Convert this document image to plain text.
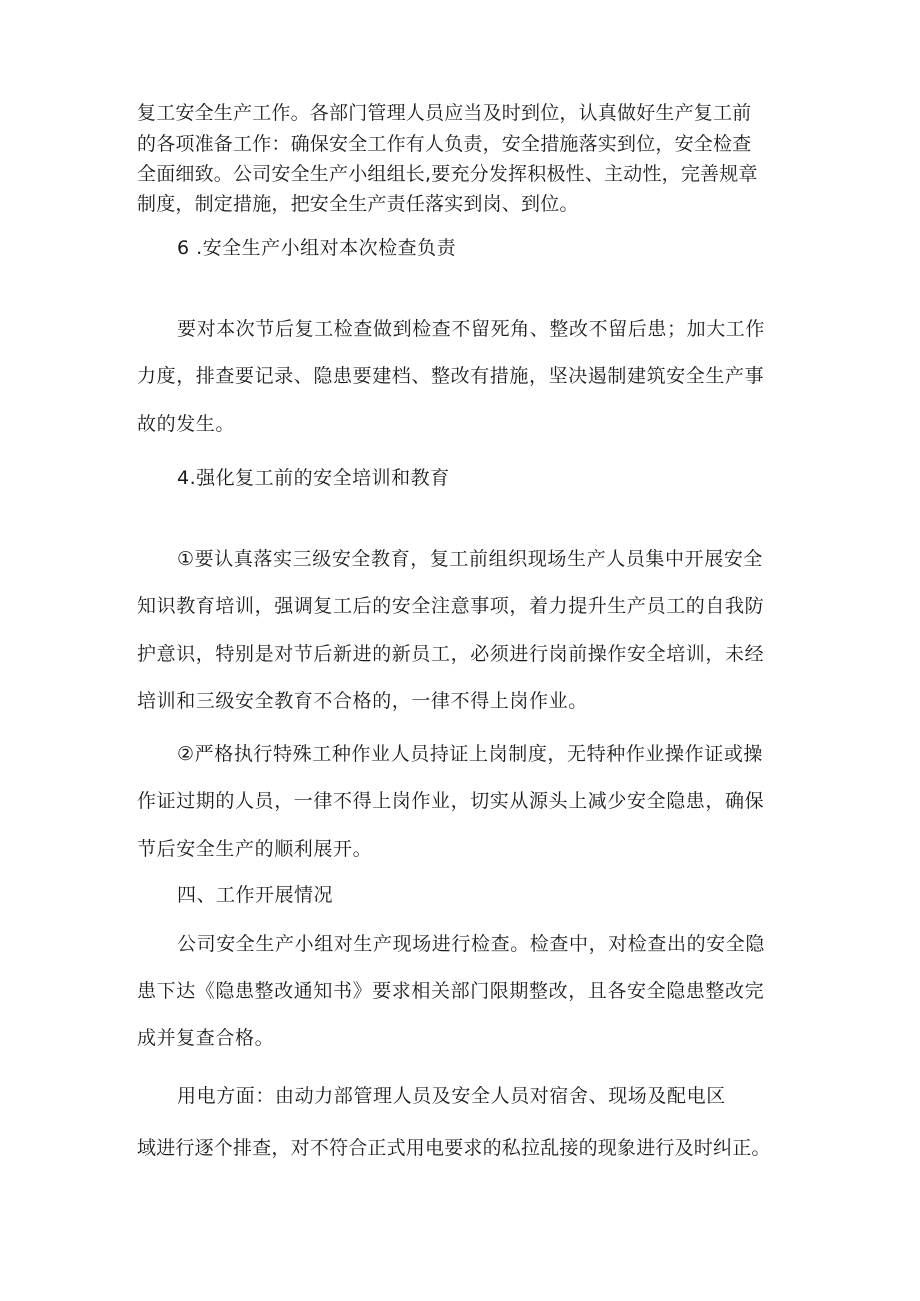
复工安全生产工作。各部门管理人员应当及时到位，认真做好生产复工前
的各项准备工作：确保安全工作有人负责，安全措施落实到位，安全检查
全面细致。公司安全生产小组组长,要充分发挥积极性、主动性，完善规章
制度，制定措施，把安全生产责任落实到岗、到位。
6 .安全生产小组对本次检查负责
要对本次节后复工检查做到检查不留死角、整改不留后患；加大工作
力度，排查要记录、隐患要建档、整改有措施，坚决遏制建筑安全生产事
故的发生。
4.强化复工前的安全培训和教育
①要认真落实三级安全教育，复工前组织现场生产人员集中开展安全
知识教育培训，强调复工后的安全注意事项，着力提升生产员工的自我防
护意识，特别是对节后新进的新员工，必须进行岗前操作安全培训，未经
培训和三级安全教育不合格的，一律不得上岗作业。
②严格执行特殊工种作业人员持证上岗制度，无特种作业操作证或操
作证过期的人员，一律不得上岗作业，切实从源头上减少安全隐患，确保
节后安全生产的顺利展开。
四、工作开展情况
公司安全生产小组对生产现场进行检查。检查中，对检查出的安全隐
患下达《隐患整改通知书》要求相关部门限期整改，且各安全隐患整改完
成并复查合格。
用电方面：由动力部管理人员及安全人员对宿舍、现场及配电区
域进行逐个排查，对不符合正式用电要求的私拉乱接的现象进行及时纠正。
